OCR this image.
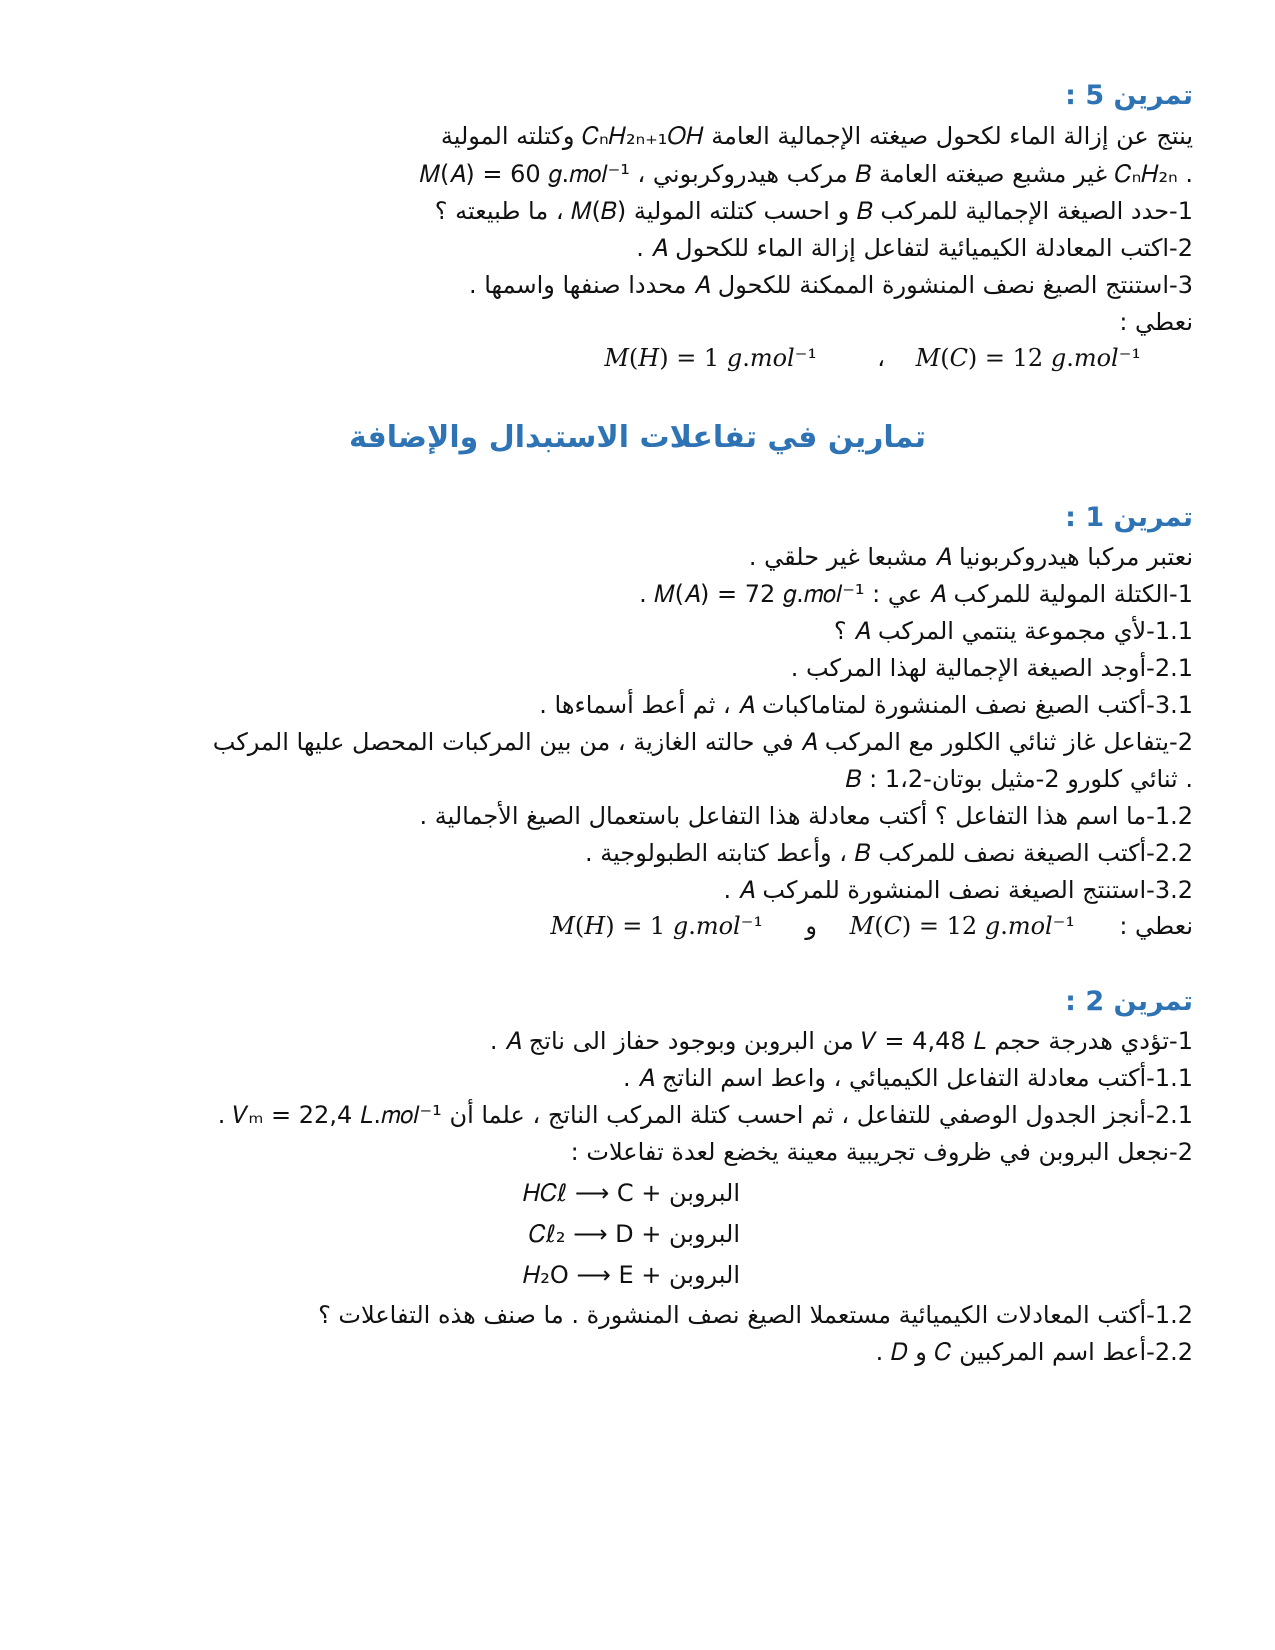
تمرين 5 :
ينتج عن إزالة الماء لكحول صيغته الإجمالية العامة 𝐶ₙ𝐻₂ₙ₊₁𝑂𝐻 وكتلته المولية
𝑀(𝐴) = 60 𝑔.𝑚𝑜𝑙⁻¹ ، مركب هيدروكربوني 𝐵 غير مشبع صيغته العامة 𝐶ₙ𝐻₂ₙ .
1-حدد الصيغة الإجمالية للمركب 𝐵 و احسب كتلته المولية 𝑀(𝐵) ، ما طبيعته ؟
2-اكتب المعادلة الكيميائية لتفاعل إزالة الماء للكحول 𝐴 .
3-استنتج الصيغ نصف المنشورة الممكنة للكحول 𝐴 محددا صنفها واسمها .
نعطي :
𝑀(𝐶) = 12 𝑔.𝑚𝑜𝑙⁻¹
،
𝑀(𝐻) = 1 𝑔.𝑚𝑜𝑙⁻¹
تمارين في تفاعلات الاستبدال والإضافة
تمرين 1 :
نعتبر مركبا هيدروكربونيا 𝐴 مشبعا غير حلقي .
1-الكتلة المولية للمركب 𝐴 عي : 𝑀(𝐴) = 72 𝑔.𝑚𝑜𝑙⁻¹ .
1.1-لأي مجموعة ينتمي المركب 𝐴 ؟
2.1-أوجد الصيغة الإجمالية لهذا المركب .
3.1-أكتب الصيغ نصف المنشورة لمتاماكبات 𝐴 ، ثم أعط أسماءها .
2-يتفاعل غاز ثنائي الكلور مع المركب 𝐴 في حالته الغازية ، من بين المركبات المحصل عليها المركب
𝐵 : 1،2-ثنائي كلورو 2-مثيل بوتان .
1.2-ما اسم هذا التفاعل ؟ أكتب معادلة هذا التفاعل باستعمال الصيغ الأجمالية .
2.2-أكتب الصيغة نصف للمركب 𝐵 ، وأعط كتابته الطبولوجية .
3.2-استنتج الصيغة نصف المنشورة للمركب 𝐴 .
نعطي :
𝑀(𝐶) = 12 𝑔.𝑚𝑜𝑙⁻¹
و
𝑀(𝐻) = 1 𝑔.𝑚𝑜𝑙⁻¹
تمرين 2 :
1-تؤدي هدرجة حجم 𝑉 = 4,48 𝐿 من البروبن وبوجود حفاز الى ناتج 𝐴 .
1.1-أكتب معادلة التفاعل الكيميائي ، واعط اسم الناتج 𝐴 .
2.1-أنجز الجدول الوصفي للتفاعل ، ثم احسب كتلة المركب الناتج ، علما أن 𝑉ₘ = 22,4 𝐿.𝑚𝑜𝑙⁻¹ .
2-نجعل البروبن في ظروف تجريبية معينة يخضع لعدة تفاعلات :
البروبن + 𝐻𝐶ℓ ⟶ C
البروبن + 𝐶ℓ₂ ⟶ D
البروبن + 𝐻₂O ⟶ E
1.2-أكتب المعادلات الكيميائية مستعملا الصيغ نصف المنشورة . ما صنف هذه التفاعلات ؟
2.2-أعط اسم المركبين 𝐶 و 𝐷 .
